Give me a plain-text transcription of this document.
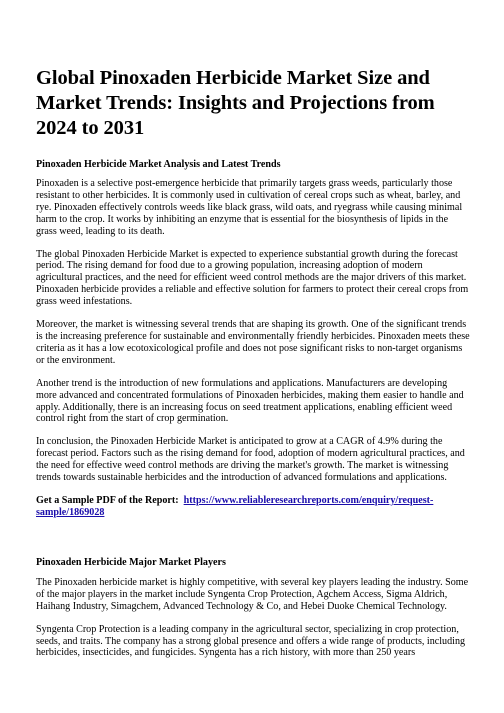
Global Pinoxaden Herbicide Market Size and Market Trends: Insights and Projections from 2024 to 2031
Pinoxaden Herbicide Market Analysis and Latest Trends

Pinoxaden is a selective post-emergence herbicide that primarily targets grass weeds, particularly those resistant to other herbicides. It is commonly used in cultivation of cereal crops such as wheat, barley, and rye. Pinoxaden effectively controls weeds like black grass, wild oats, and ryegrass while causing minimal harm to the crop. It works by inhibiting an enzyme that is essential for the biosynthesis of lipids in the grass weed, leading to its death.

The global Pinoxaden Herbicide Market is expected to experience substantial growth during the forecast period. The rising demand for food due to a growing population, increasing adoption of modern agricultural practices, and the need for efficient weed control methods are the major drivers of this market. Pinoxaden herbicide provides a reliable and effective solution for farmers to protect their cereal crops from grass weed infestations.

Moreover, the market is witnessing several trends that are shaping its growth. One of the significant trends is the increasing preference for sustainable and environmentally friendly herbicides. Pinoxaden meets these criteria as it has a low ecotoxicological profile and does not pose significant risks to non-target organisms or the environment.

Another trend is the introduction of new formulations and applications. Manufacturers are developing more advanced and concentrated formulations of Pinoxaden herbicides, making them easier to handle and apply. Additionally, there is an increasing focus on seed treatment applications, enabling efficient weed control right from the start of crop germination.

In conclusion, the Pinoxaden Herbicide Market is anticipated to grow at a CAGR of 4.9% during the forecast period. Factors such as the rising demand for food, adoption of modern agricultural practices, and the need for effective weed control methods are driving the market's growth. The market is witnessing trends towards sustainable herbicides and the introduction of advanced formulations and applications.

Get a Sample PDF of the Report: https://www.reliableresearchreports.com/enquiry/request-sample/1869028
Pinoxaden Herbicide Major Market Players

The Pinoxaden herbicide market is highly competitive, with several key players leading the industry. Some of the major players in the market include Syngenta Crop Protection, Agchem Access, Sigma Aldrich, Haihang Industry, Simagchem, Advanced Technology & Co, and Hebei Duoke Chemical Technology.

Syngenta Crop Protection is a leading company in the agricultural sector, specializing in crop protection, seeds, and traits. The company has a strong global presence and offers a wide range of products, including herbicides, insecticides, and fungicides. Syngenta has a rich history, with more than 250 years
